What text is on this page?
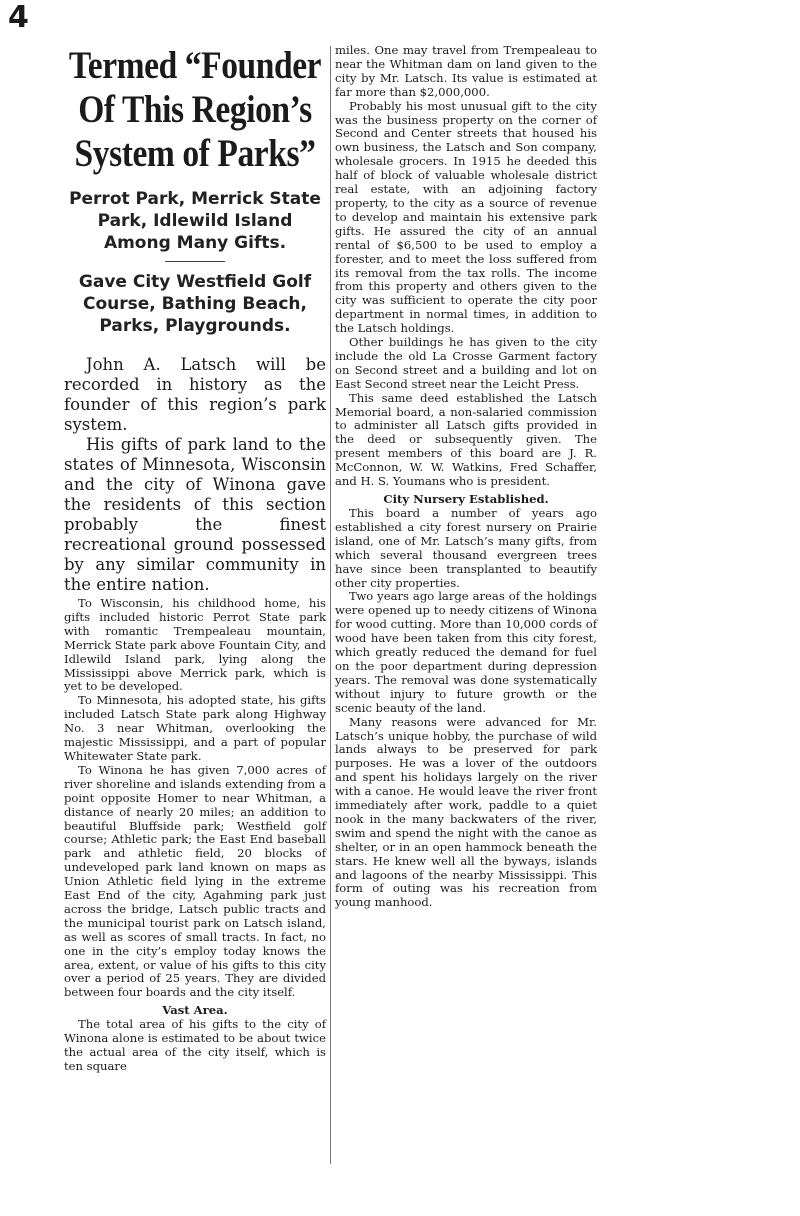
4
Termed “Founder
Of This Region’s
System of Parks”
Perrot Park, Merrick State
Park, Idlewild Island
Among Many Gifts.
Gave City Westfield Golf
Course, Bathing Beach,
Parks, Playgrounds.

John A. Latsch will be recorded in history as the founder of this region’s park system.

His gifts of park land to the states of Minnesota, Wisconsin and the city of Winona gave the residents of this section probably the finest recreational ground possessed by any similar community in the entire nation.

To Wisconsin, his childhood home, his gifts included historic Perrot State park with romantic Trempealeau mountain, Merrick State park above Fountain City, and Idlewild Island park, lying along the Mississippi above Merrick park, which is yet to be developed.

To Minnesota, his adopted state, his gifts included Latsch State park along Highway No. 3 near Whitman, overlooking the majestic Mississippi, and a part of popular Whitewater State park.

To Winona he has given 7,000 acres of river shoreline and islands extending from a point opposite Homer to near Whitman, a distance of nearly 20 miles; an addition to beautiful Bluffside park; Westfield golf course; Athletic park; the East End baseball park and athletic field, 20 blocks of undeveloped park land known on maps as Union Athletic field lying in the extreme East End of the city, Agahming park just across the bridge, Latsch public tracts and the municipal tourist park on Latsch island, as well as scores of small tracts. In fact, no one in the city’s employ today knows the area, extent, or value of his gifts to this city over a period of 25 years. They are divided between four boards and the city itself.

Vast Area.

The total area of his gifts to the city of Winona alone is estimated to be about twice the actual area of the city itself, which is ten square

miles. One may travel from Trempealeau to near the Whitman dam on land given to the city by Mr. Latsch. Its value is estimated at far more than $2,000,000.

Probably his most unusual gift to the city was the business property on the corner of Second and Center streets that housed his own business, the Latsch and Son company, wholesale grocers. In 1915 he deeded this half of block of valuable wholesale district real estate, with an adjoining factory property, to the city as a source of revenue to develop and maintain his extensive park gifts. He assured the city of an annual rental of $6,500 to be used to employ a forester, and to meet the loss suffered from its removal from the tax rolls. The income from this property and others given to the city was sufficient to operate the city poor department in normal times, in addition to the Latsch holdings.

Other buildings he has given to the city include the old La Crosse Garment factory on Second street and a building and lot on East Second street near the Leicht Press.

This same deed established the Latsch Memorial board, a non-salaried commission to administer all Latsch gifts provided in the deed or subsequently given. The present members of this board are J. R. McConnon, W. W. Watkins, Fred Schaffer, and H. S. Youmans who is president.

City Nursery Established.

This board a number of years ago established a city forest nursery on Prairie island, one of Mr. Latsch’s many gifts, from which several thousand evergreen trees have since been transplanted to beautify other city properties.

Two years ago large areas of the holdings were opened up to needy citizens of Winona for wood cutting. More than 10,000 cords of wood have been taken from this city forest, which greatly reduced the demand for fuel on the poor department during depression years. The removal was done systematically without injury to future growth or the scenic beauty of the land.

Many reasons were advanced for Mr. Latsch’s unique hobby, the purchase of wild lands always to be preserved for park purposes. He was a lover of the outdoors and spent his holidays largely on the river with a canoe. He would leave the river front immediately after work, paddle to a quiet nook in the many backwaters of the river, swim and spend the night with the canoe as shelter, or in an open hammock beneath the stars. He knew well all the byways, islands and lagoons of the nearby Mississippi. This form of outing was his recreation from young manhood.
